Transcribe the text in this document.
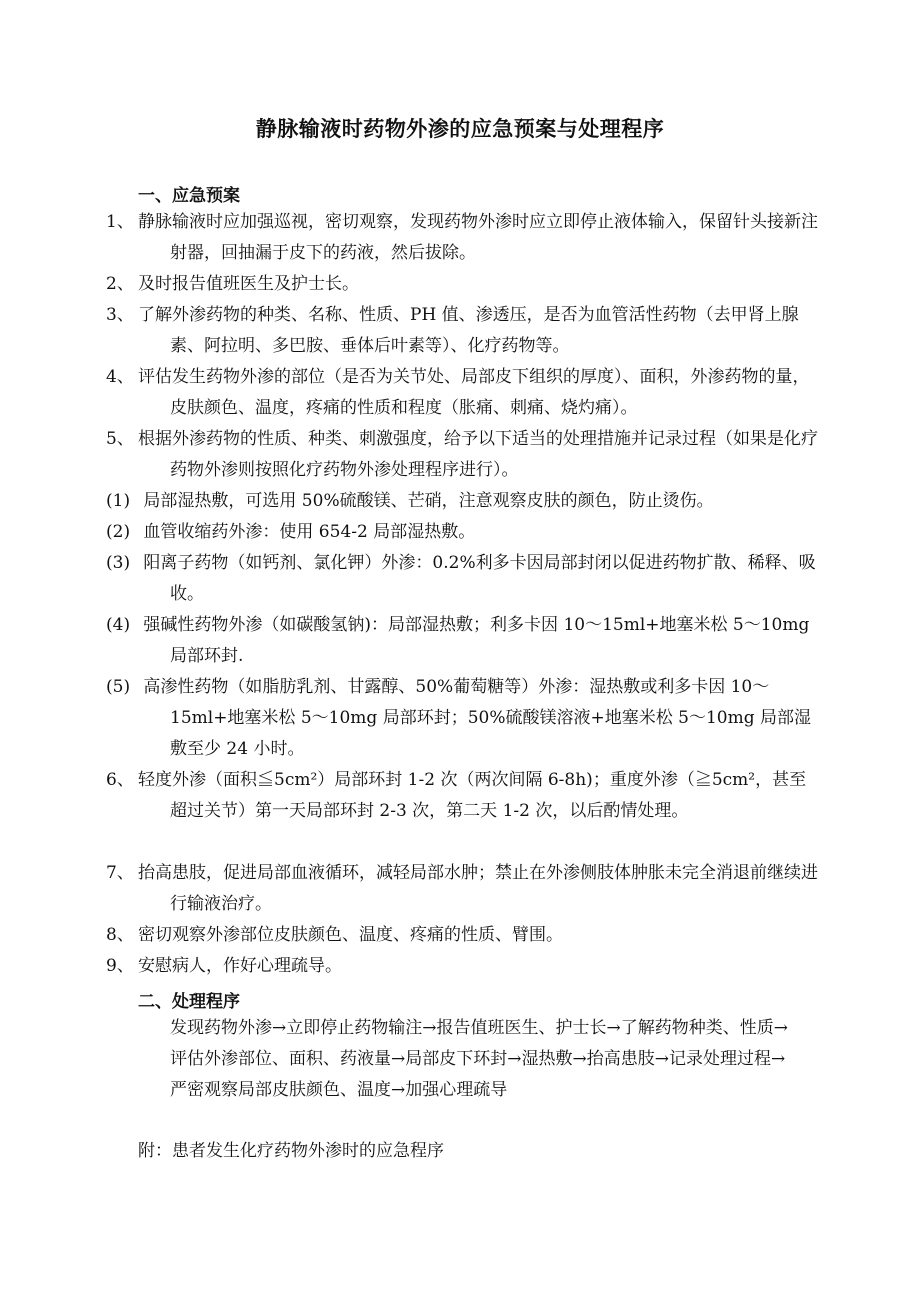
静脉输液时药物外渗的应急预案与处理程序
一、应急预案
1、 静脉输液时应加强巡视，密切观察，发现药物外渗时应立即停止液体输入，保留针头接新注射器，回抽漏于皮下的药液，然后拔除。
2、 及时报告值班医生及护士长。
3、 了解外渗药物的种类、名称、性质、PH 值、渗透压，是否为血管活性药物（去甲肾上腺素、阿拉明、多巴胺、垂体后叶素等）、化疗药物等。
4、 评估发生药物外渗的部位（是否为关节处、局部皮下组织的厚度）、面积，外渗药物的量，皮肤颜色、温度，疼痛的性质和程度（胀痛、刺痛、烧灼痛）。
5、 根据外渗药物的性质、种类、刺激强度，给予以下适当的处理措施并记录过程（如果是化疗药物外渗则按照化疗药物外渗处理程序进行）。
(1) 局部湿热敷，可选用 50%硫酸镁、芒硝，注意观察皮肤的颜色，防止烫伤。
(2) 血管收缩药外渗：使用 654-2 局部湿热敷。
(3) 阳离子药物（如钙剂、氯化钾）外渗：0.2%利多卡因局部封闭以促进药物扩散、稀释、吸收。
(4) 强碱性药物外渗（如碳酸氢钠)：局部湿热敷；利多卡因 10～15ml+地塞米松 5～10mg 局部环封.
(5) 高渗性药物（如脂肪乳剂、甘露醇、50%葡萄糖等）外渗：湿热敷或利多卡因 10～15ml+地塞米松 5～10mg 局部环封；50%硫酸镁溶液+地塞米松 5～10mg 局部湿敷至少 24 小时。
6、 轻度外渗（面积≦5cm²）局部环封 1-2 次（两次间隔 6-8h)；重度外渗（≧5cm²，甚至超过关节）第一天局部环封 2-3 次，第二天 1-2 次，以后酌情处理。
7、 抬高患肢，促进局部血液循环，减轻局部水肿；禁止在外渗侧肢体肿胀未完全消退前继续进行输液治疗。
8、 密切观察外渗部位皮肤颜色、温度、疼痛的性质、臂围。
9、 安慰病人，作好心理疏导。
二、处理程序
发现药物外渗→立即停止药物输注→报告值班医生、护士长→了解药物种类、性质→评估外渗部位、面积、药液量→局部皮下环封→湿热敷→抬高患肢→记录处理过程→严密观察局部皮肤颜色、温度→加强心理疏导
附：患者发生化疗药物外渗时的应急程序
